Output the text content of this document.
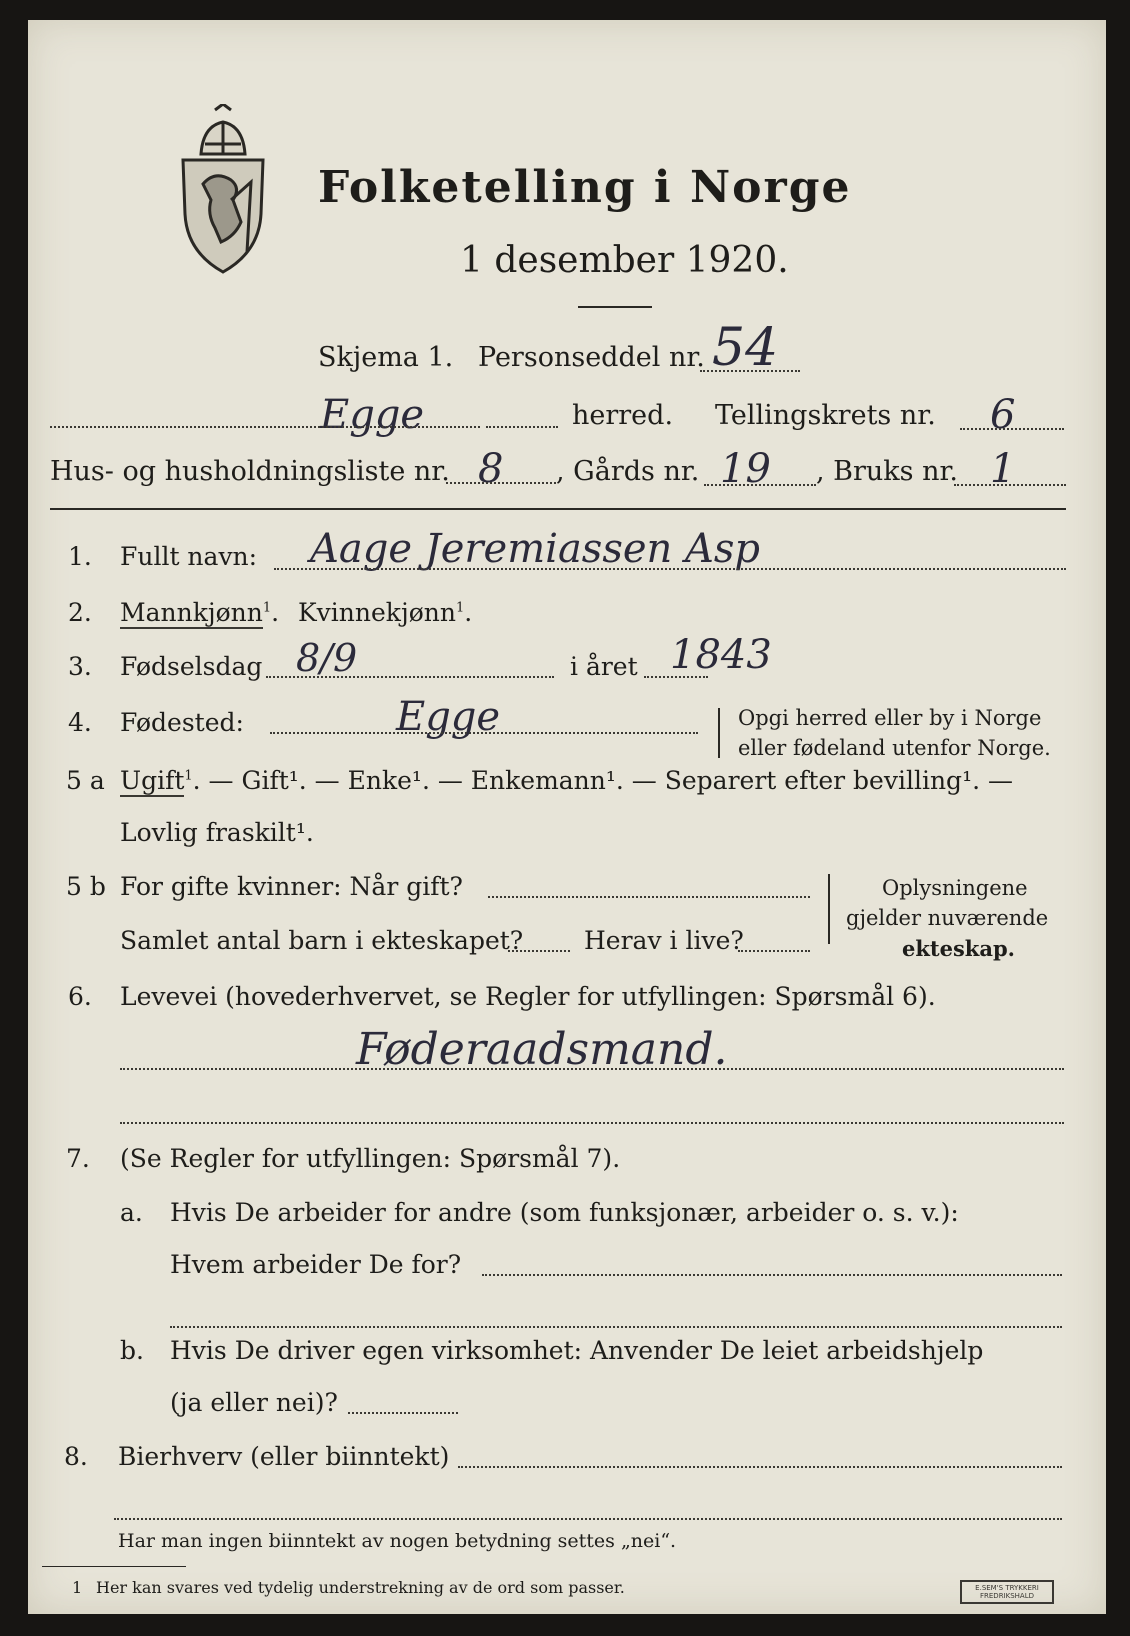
Folketelling i Norge
1 desember 1920.
Skjema 1. Personseddel nr. 54
Egge	herred. Tellingskrets nr. 6
Hus- og husholdningsliste nr. 8 , Gårds nr. 19 , Bruks nr. 1
1. Fullt navn: Aage Jeremiassen Asp
2. Mannkjønn$^1$. Kvinnekjønn$^1$.
3. Fødselsdag 8/9	i året 1843
4. Fødested:	Egge	Opgi herred eller by i Norge
eller fødeland utenfor Norge.
5 a Ugift$^1$. — Gift¹. — Enke¹. — Enkemann¹. — Separert efter bevilling¹. —
Lovlig fraskilt¹.
5 b For gifte kvinner: Når gift?
Samlet antal barn i ekteskapet? Herav i live?
Oplysningene
gjelder nuværende
ekteskap.
6. Levevei (hovederhvervet, se Regler for utfyllingen: Spørsmål 6).
Føderaadsmand.
7. (Se Regler for utfyllingen: Spørsmål 7).
a. Hvis De arbeider for andre (som funksjonær, arbeider o. s. v.):
Hvem arbeider De for?
b. Hvis De driver egen virksomhet: Anvender De leiet arbeidshjelp
(ja eller nei)?
8. Bierhverv (eller biinntekt)
Har man ingen biinntekt av nogen betydning settes „nei“.
1 Her kan svares ved tydelig understrekning av de ord som passer.	E.SEM'S TRYKKERI
FREDRIKSHALD
